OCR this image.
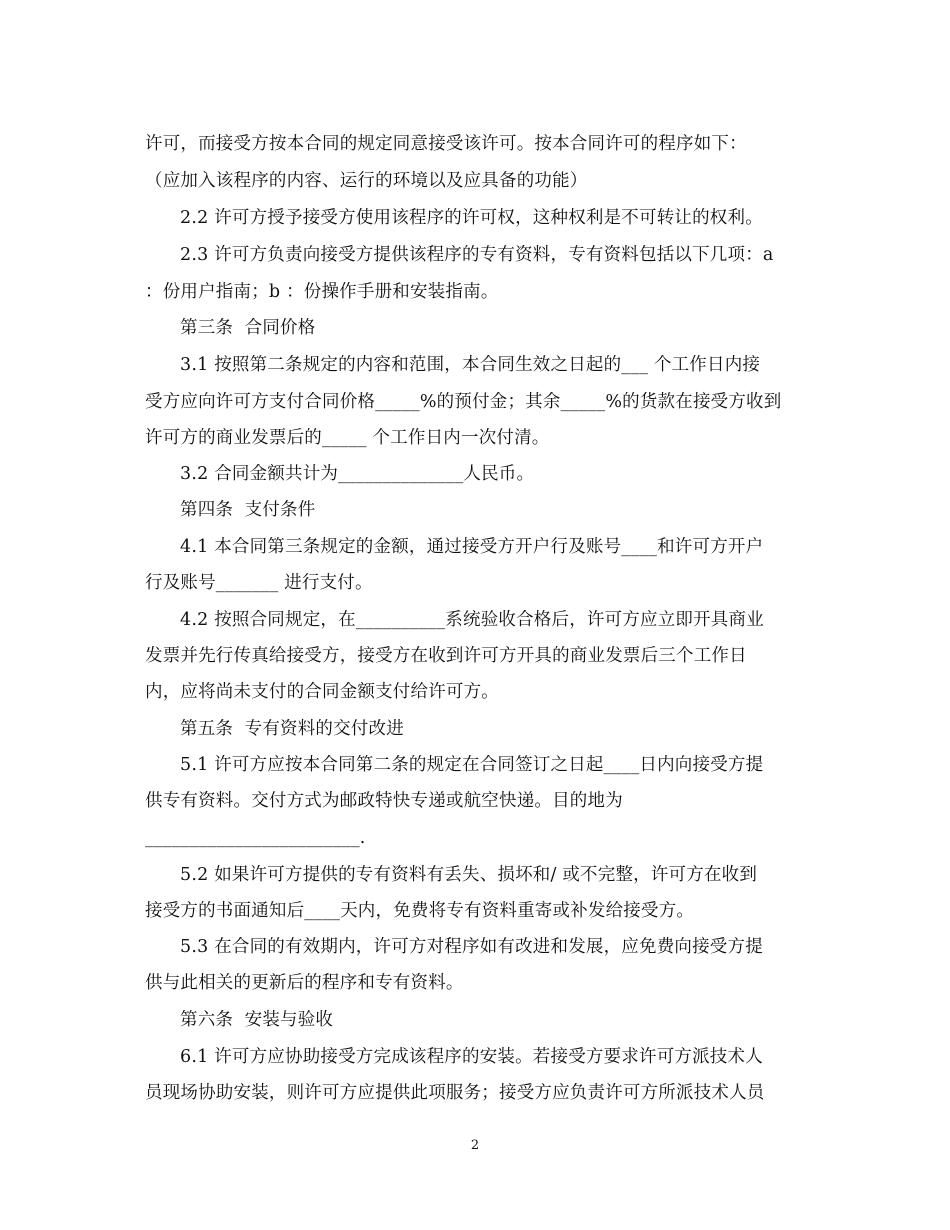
许可，而接受方按本合同的规定同意接受该许可。按本合同许可的程序如下：
（应加入该程序的内容、运行的环境以及应具备的功能）
2.2 许可方授予接受方使用该程序的许可权，这种权利是不可转让的权利。
2.3 许可方负责向接受方提供该程序的专有资料，专有资料包括以下几项：a
：份用户指南；b ：份操作手册和安装指南。
第三条  合同价格
3.1 按照第二条规定的内容和范围，本合同生效之日起的___ 个工作日内接
受方应向许可方支付合同价格_____%的预付金；其余_____%的货款在接受方收到
许可方的商业发票后的_____ 个工作日内一次付清。
3.2 合同金额共计为______________人民币。
第四条  支付条件
4.1 本合同第三条规定的金额，通过接受方开户行及账号____和许可方开户
行及账号_______ 进行支付。
4.2 按照合同规定，在__________系统验收合格后，许可方应立即开具商业
发票并先行传真给接受方，接受方在收到许可方开具的商业发票后三个工作日
内，应将尚未支付的合同金额支付给许可方。
第五条  专有资料的交付改进
5.1 许可方应按本合同第二条的规定在合同签订之日起____日内向接受方提
供专有资料。交付方式为邮政特快专递或航空快递。目的地为
________________________.
5.2 如果许可方提供的专有资料有丢失、损坏和/ 或不完整，许可方在收到
接受方的书面通知后____天内，免费将专有资料重寄或补发给接受方。
5.3 在合同的有效期内，许可方对程序如有改进和发展，应免费向接受方提
供与此相关的更新后的程序和专有资料。
第六条  安装与验收
6.1 许可方应协助接受方完成该程序的安装。若接受方要求许可方派技术人
员现场协助安装，则许可方应提供此项服务；接受方应负责许可方所派技术人员
2
